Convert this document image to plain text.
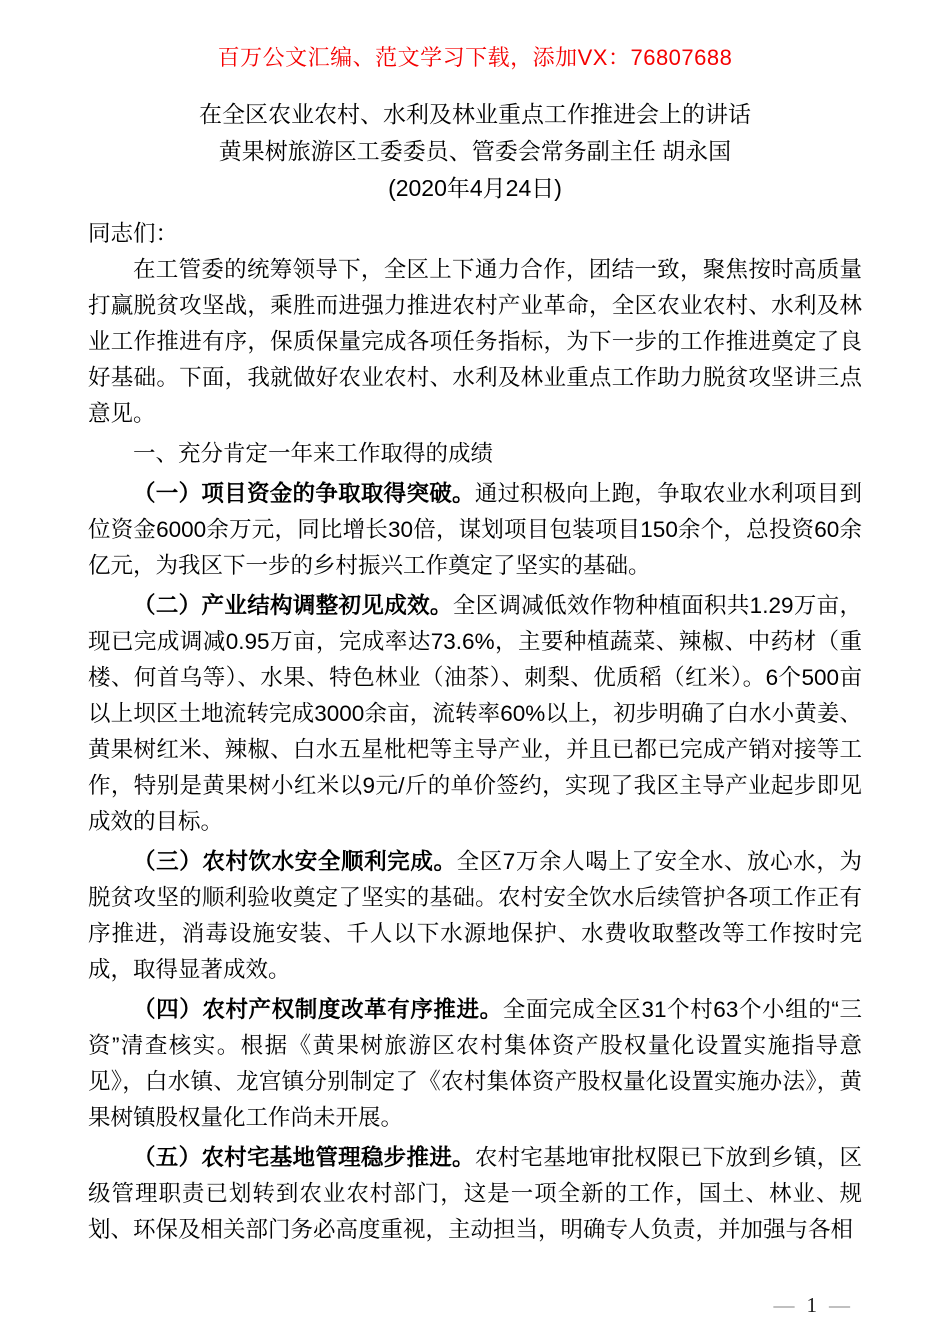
百万公文汇编、范文学习下载，添加VX：76807688
在全区农业农村、水利及林业重点工作推进会上的讲话
黄果树旅游区工委委员、管委会常务副主任 胡永国
(2020年4月24日)
同志们：

在工管委的统筹领导下，全区上下通力合作，团结一致，聚焦按时高质量打赢脱贫攻坚战，乘胜而进强力推进农村产业革命，全区农业农村、水利及林业工作推进有序，保质保量完成各项任务指标，为下一步的工作推进奠定了良好基础。下面，我就做好农业农村、水利及林业重点工作助力脱贫攻坚讲三点意见。

一、充分肯定一年来工作取得的成绩

（一）项目资金的争取取得突破。通过积极向上跑，争取农业水利项目到位资金6000余万元，同比增长30倍，谋划项目包装项目150余个，总投资60余亿元，为我区下一步的乡村振兴工作奠定了坚实的基础。

（二）产业结构调整初见成效。全区调减低效作物种植面积共1.29万亩，现已完成调减0.95万亩，完成率达73.6%，主要种植蔬菜、辣椒、中药材（重楼、何首乌等）、水果、特色林业（油茶）、刺梨、优质稻（红米）。6个500亩以上坝区土地流转完成3000余亩，流转率60%以上，初步明确了白水小黄姜、黄果树红米、辣椒、白水五星枇杷等主导产业，并且已都已完成产销对接等工作，特别是黄果树小红米以9元/斤的单价签约，实现了我区主导产业起步即见成效的目标。

（三）农村饮水安全顺利完成。全区7万余人喝上了安全水、放心水，为脱贫攻坚的顺利验收奠定了坚实的基础。农村安全饮水后续管护各项工作正有序推进，消毒设施安装、千人以下水源地保护、水费收取整改等工作按时完成，取得显著成效。

（四）农村产权制度改革有序推进。全面完成全区31个村63个小组的“三资”清查核实。根据《黄果树旅游区农村集体资产股权量化设置实施指导意见》，白水镇、龙宫镇分别制定了《农村集体资产股权量化设置实施办法》，黄果树镇股权量化工作尚未开展。

（五）农村宅基地管理稳步推进。农村宅基地审批权限已下放到乡镇，区级管理职责已划转到农业农村部门，这是一项全新的工作，国土、林业、规划、环保及相关部门务必高度重视，主动担当，明确专人负责，并加强与各相

— 1 —
